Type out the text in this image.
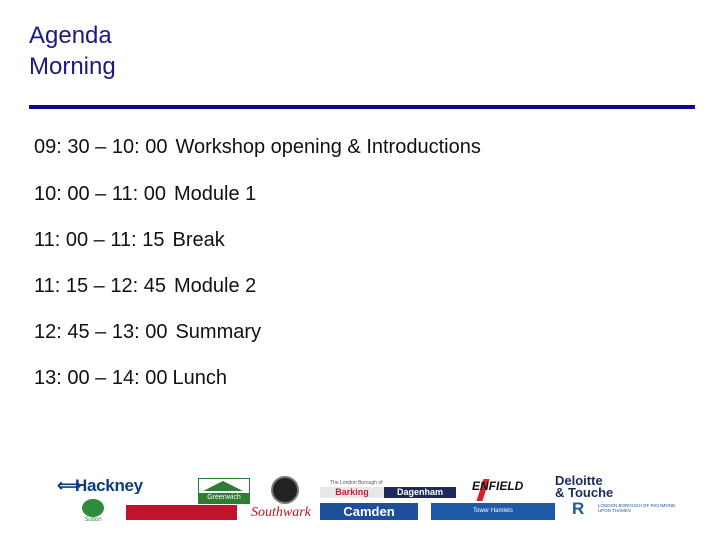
Agenda
Morning
09: 30 – 10: 00 Workshop opening & Introductions
10: 00 – 11: 00 Module 1
11: 00 – 11: 15 Break
11: 15 – 12: 45 Module 2
12: 45 – 13: 00 Summary
13: 00 – 14: 00 Lunch
⟺Hackney
Greenwich
The London Borough of
Barking	Dagenham	ENFIELD	Deloitte
& Touche
Sutton	Southwark	Camden	Tower Hamlets	R	LONDON BOROUGH OF RICHMOND UPON THAMES
